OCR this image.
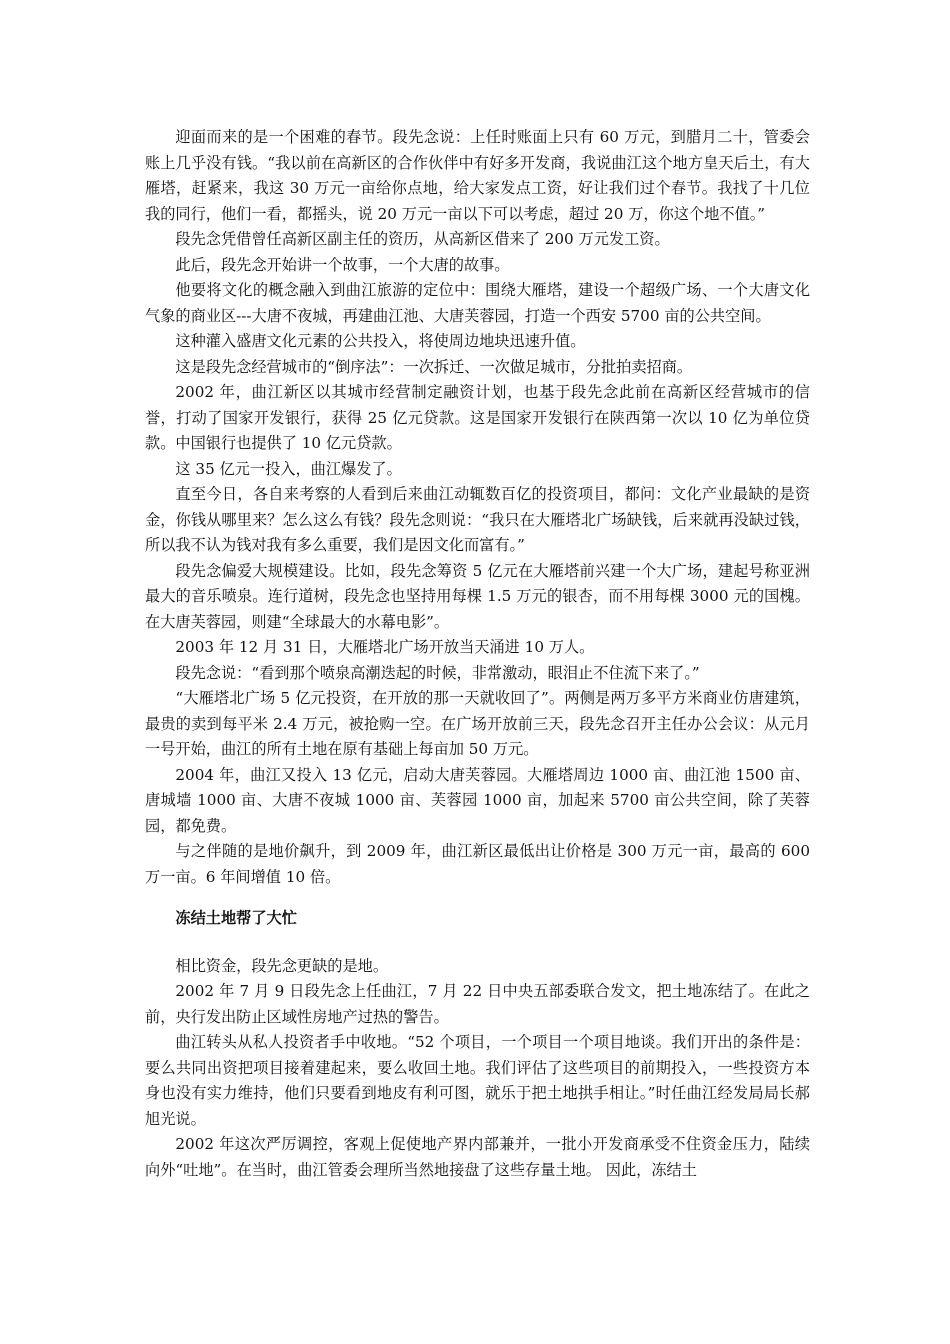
迎面而来的是一个困难的春节。段先念说：上任时账面上只有 60 万元，到腊月二十，管委会账上几乎没有钱。“我以前在高新区的合作伙伴中有好多开发商，我说曲江这个地方皇天后土，有大雁塔，赶紧来，我这 30 万元一亩给你点地，给大家发点工资，好让我们过个春节。我找了十几位我的同行，他们一看，都摇头，说 20 万元一亩以下可以考虑，超过 20 万，你这个地不值。”

段先念凭借曾任高新区副主任的资历，从高新区借来了 200 万元发工资。

此后，段先念开始讲一个故事，一个大唐的故事。

他要将文化的概念融入到曲江旅游的定位中：围绕大雁塔，建设一个超级广场、一个大唐文化气象的商业区---大唐不夜城，再建曲江池、大唐芙蓉园，打造一个西安 5700 亩的公共空间。

这种灌入盛唐文化元素的公共投入，将使周边地块迅速升值。

这是段先念经营城市的“倒序法”：一次拆迁、一次做足城市，分批拍卖招商。

2002 年，曲江新区以其城市经营制定融资计划，也基于段先念此前在高新区经营城市的信誉，打动了国家开发银行，获得 25 亿元贷款。这是国家开发银行在陕西第一次以 10 亿为单位贷款。中国银行也提供了 10 亿元贷款。

这 35 亿元一投入，曲江爆发了。

直至今日，各自来考察的人看到后来曲江动辄数百亿的投资项目，都问：文化产业最缺的是资金，你钱从哪里来？怎么这么有钱？段先念则说：“我只在大雁塔北广场缺钱，后来就再没缺过钱，所以我不认为钱对我有多么重要，我们是因文化而富有。”

段先念偏爱大规模建设。比如，段先念筹资 5 亿元在大雁塔前兴建一个大广场，建起号称亚洲最大的音乐喷泉。连行道树，段先念也坚持用每棵 1.5 万元的银杏，而不用每棵 3000 元的国槐。在大唐芙蓉园，则建“全球最大的水幕电影”。

2003 年 12 月 31 日，大雁塔北广场开放当天涌进 10 万人。

段先念说：“看到那个喷泉高潮迭起的时候，非常激动，眼泪止不住流下来了。”

“大雁塔北广场 5 亿元投资，在开放的那一天就收回了”。两侧是两万多平方米商业仿唐建筑，最贵的卖到每平米 2.4 万元，被抢购一空。在广场开放前三天，段先念召开主任办公会议：从元月一号开始，曲江的所有土地在原有基础上每亩加 50 万元。

2004 年，曲江又投入 13 亿元，启动大唐芙蓉园。大雁塔周边 1000 亩、曲江池 1500 亩、唐城墙 1000 亩、大唐不夜城 1000 亩、芙蓉园 1000 亩，加起来 5700 亩公共空间，除了芙蓉园，都免费。

与之伴随的是地价飙升，到 2009 年，曲江新区最低出让价格是 300 万元一亩，最高的 600 万一亩。6 年间增值 10 倍。

冻结土地帮了大忙

相比资金，段先念更缺的是地。

2002 年 7 月 9 日段先念上任曲江，7 月 22 日中央五部委联合发文，把土地冻结了。在此之前，央行发出防止区域性房地产过热的警告。

曲江转头从私人投资者手中收地。“52 个项目，一个项目一个项目地谈。我们开出的条件是：要么共同出资把项目接着建起来，要么收回土地。我们评估了这些项目的前期投入，一些投资方本身也没有实力维持，他们只要看到地皮有利可图，就乐于把土地拱手相让。”时任曲江经发局局长郝旭光说。

2002 年这次严厉调控，客观上促使地产界内部兼并，一批小开发商承受不住资金压力，陆续向外“吐地”。在当时，曲江管委会理所当然地接盘了这些存量土地。 因此，冻结土
